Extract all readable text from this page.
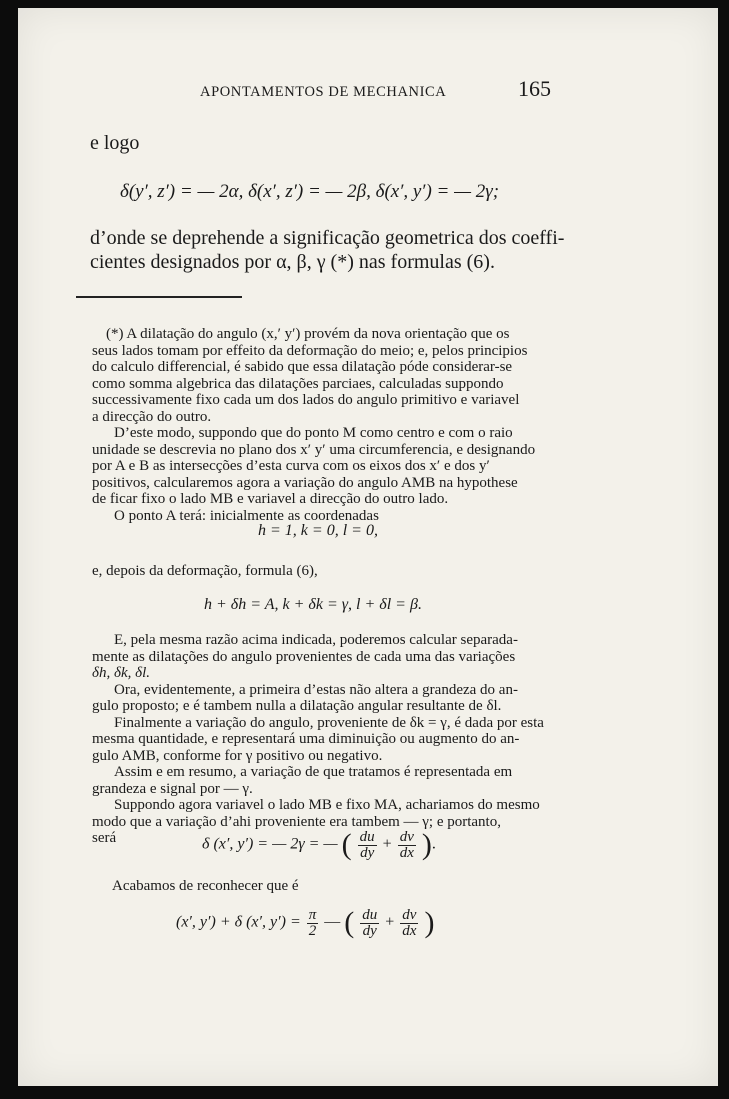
APONTAMENTOS DE MECHANICA	165
e logo
δ(y′, z′) = — 2α, δ(x′, z′) = — 2β, δ(x′, y′) = — 2γ;
d’onde se deprehende a significação geometrica dos coeffi-
cientes designados por α, β, γ (*) nas formulas (6).
(*) A dilatação do angulo (x,′ y′) provém da nova orientação que os
seus lados tomam por effeito da deformação do meio; e, pelos principios
do calculo differencial, é sabido que essa dilatação póde considerar-se
como somma algebrica das dilatações parciaes, calculadas suppondo
successivamente fixo cada um dos lados do angulo primitivo e variavel
a direcção do outro.
D’este modo, suppondo que do ponto M como centro e com o raio
unidade se descrevia no plano dos x′ y′ uma circumferencia, e designando
por A e B as intersecções d’esta curva com os eixos dos x′ e dos y′
positivos, calcularemos agora a variação do angulo AMB na hypothese
de ficar fixo o lado MB e variavel a direcção do outro lado.
O ponto A terá: inicialmente as coordenadas
h = 1, k = 0, l = 0,
e, depois da deformação, formula (6),
h + δh = A, k + δk = γ, l + δl = β.
E, pela mesma razão acima indicada, poderemos calcular separada-
mente as dilatações do angulo provenientes de cada uma das variações
δh, δk, δl.
Ora, evidentemente, a primeira d’estas não altera a grandeza do an-
gulo proposto; e é tambem nulla a dilatação angular resultante de δl.
Finalmente a variação do angulo, proveniente de δk = γ, é dada por esta
mesma quantidade, e representará uma diminuição ou augmento do an-
gulo AMB, conforme for γ positivo ou negativo.
Assim e em resumo, a variação de que tratamos é representada em
grandeza e signal por — γ.
Suppondo agora variavel o lado MB e fixo MA, achariamos do mesmo
modo que a variação d’ahi proveniente era tambem — γ; e portanto,
será	δ (x′, y′) = — 2γ = — ( $\frac{du}{dy} + \frac{dv}{dx}$ ).
Acabamos de reconhecer que é
(x′, y′) + δ (x′, $y') = \frac{\pi}{2}$ — ( $\frac{du}{dy} + \frac{dv}{dx}$ )
